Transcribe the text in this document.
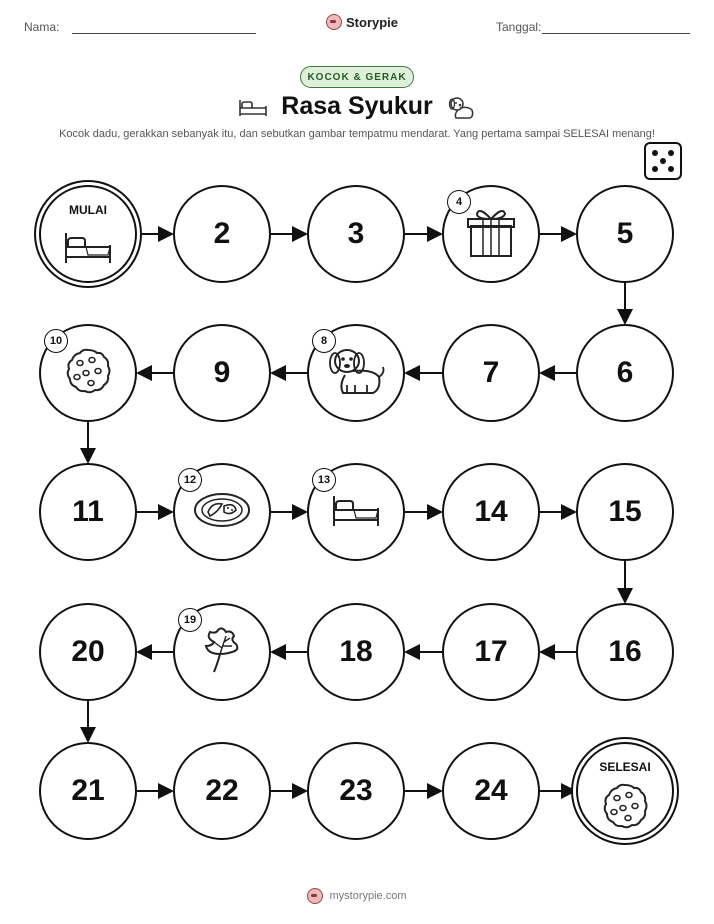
Nama:	Storypie	Tanggal:
KOCOK & GERAK
Rasa Syukur
Kocok dadu, gerakkan sebanyak itu, dan sebutkan gambar tempatmu mendarat. Yang pertama sampai SELESAI menang!
MULAI
2	3
4
5
6
7
8
9
10
11
12	13
14	15
16
17
18
19
20
21	22	23	24
SELESAI
mystorypie.com
